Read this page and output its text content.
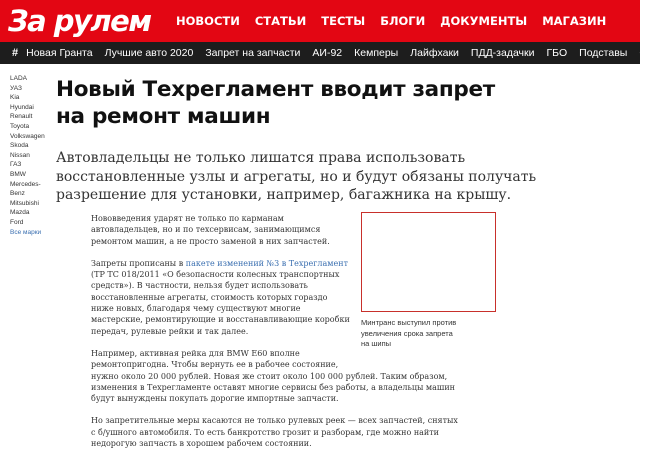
За рулем	НОВОСТИ СТАТЬИ ТЕСТЫ БЛОГИ ДОКУМЕНТЫ МАГАЗИН
# Новая Гранта Лучшие авто 2020 Запрет на запчасти АИ-92 Кемперы Лайфхаки ПДД-задачки ГБО Подставы Св
LADA
УАЗ
Kia
Hyundai
Renault
Toyota
Volkswagen
Skoda
Nissan
ГАЗ
BMW
Mercedes-
Benz
Mitsubishi
Mazda
Ford
Все марки
Новый Техрегламент вводит запрет
на ремонт машин
Автовладельцы не только лишатся права использовать
восстановленные узлы и агрегаты, но и будут обязаны получать
разрешение для установки, например, багажника на крышу.

Нововведения ударят не только по карманам
автовладельцев, но и по техсервисам, занимающимся
ремонтом машин, а не просто заменой в них запчастей.

Запреты прописаны в пакете изменений №3 в Техрегламент
(ТР ТС 018/2011 «О безопасности колесных транспортных
средств»). В частности, нельзя будет использовать
восстановленные агрегаты, стоимость которых гораздо
ниже новых, благодаря чему существуют многие
мастерские, ремонтирующие и восстанавливающие коробки
передач, рулевые рейки и так далее.

Например, активная рейка для BMW E60 вполне
ремонтопригодна. Чтобы вернуть ее в рабочее состояние,
нужно около 20 000 рублей. Новая же стоит около 100 000 рублей. Таким образом,
изменения в Техрегламенте оставят многие сервисы без работы, а владельцы машин
будут вынуждены покупать дорогие импортные запчасти.

Но запретительные меры касаются не только рулевых реек — всех запчастей, снятых
с б/ушного автомобиля. То есть банкротство грозит и разборам, где можно найти
недорогую запчасть в хорошем рабочем состоянии.

Минтранс выступил против
увеличения срока запрета
на шипы
